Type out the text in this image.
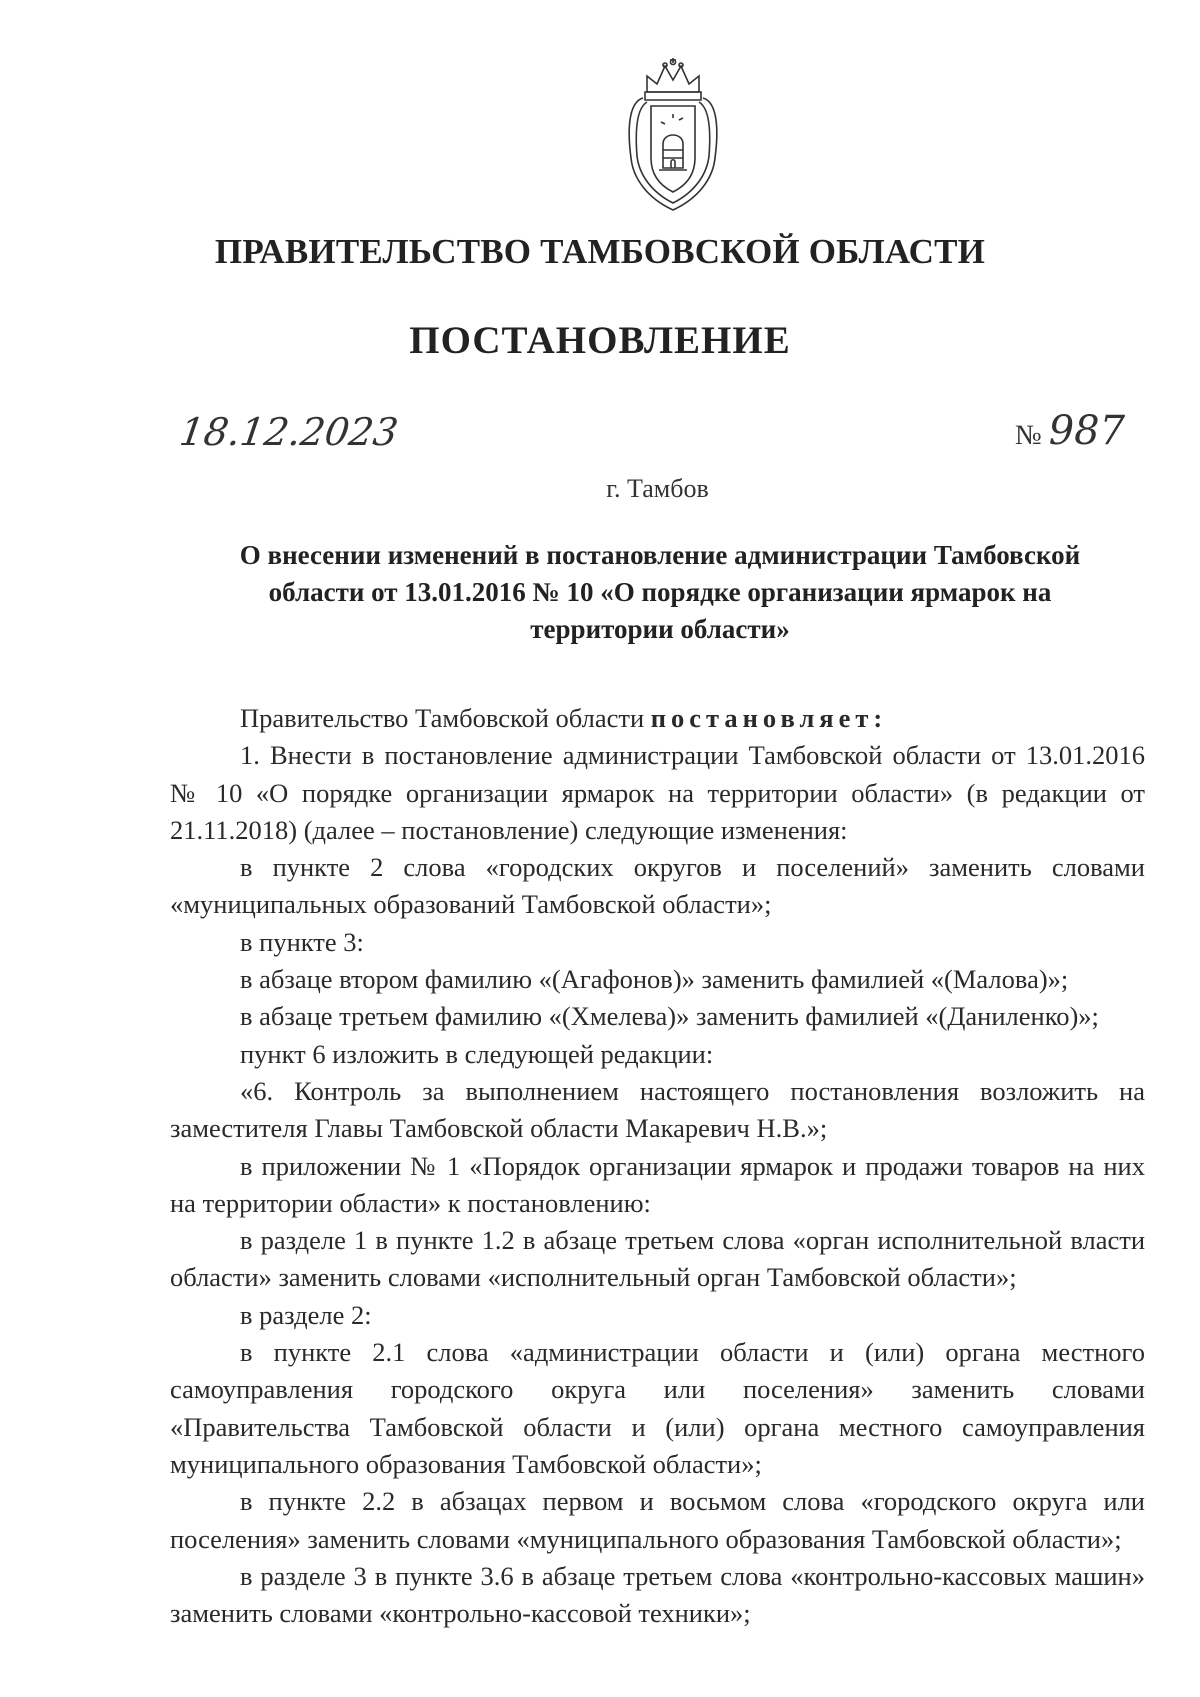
ПРАВИТЕЛЬСТВО ТАМБОВСКОЙ ОБЛАСТИ
ПОСТАНОВЛЕНИЕ
18.12.2023	№ 987
г. Тамбов
О внесении изменений в постановление администрации Тамбовской области от 13.01.2016 № 10 «О порядке организации ярмарок на территории области»

Правительство Тамбовской области постановляет:

1. Внести в постановление администрации Тамбовской области от 13.01.2016 № 10 «О порядке организации ярмарок на территории области» (в редакции от 21.11.2018) (далее – постановление) следующие изменения:

в пункте 2 слова «городских округов и поселений» заменить словами «муниципальных образований Тамбовской области»;

в пункте 3:

в абзаце втором фамилию «(Агафонов)» заменить фамилией «(Малова)»;

в абзаце третьем фамилию «(Хмелева)» заменить фамилией «(Даниленко)»;

пункт 6 изложить в следующей редакции:

«6. Контроль за выполнением настоящего постановления возложить на заместителя Главы Тамбовской области Макаревич Н.В.»;

в приложении № 1 «Порядок организации ярмарок и продажи товаров на них на территории области» к постановлению:

в разделе 1 в пункте 1.2 в абзаце третьем слова «орган исполнительной власти области» заменить словами «исполнительный орган Тамбовской области»;

в разделе 2:

в пункте 2.1 слова «администрации области и (или) органа местного самоуправления городского округа или поселения» заменить словами «Правительства Тамбовской области и (или) органа местного самоуправления муниципального образования Тамбовской области»;

в пункте 2.2 в абзацах первом и восьмом слова «городского округа или поселения» заменить словами «муниципального образования Тамбовской области»;

в разделе 3 в пункте 3.6 в абзаце третьем слова «контрольно-кассовых машин» заменить словами «контрольно-кассовой техники»;
